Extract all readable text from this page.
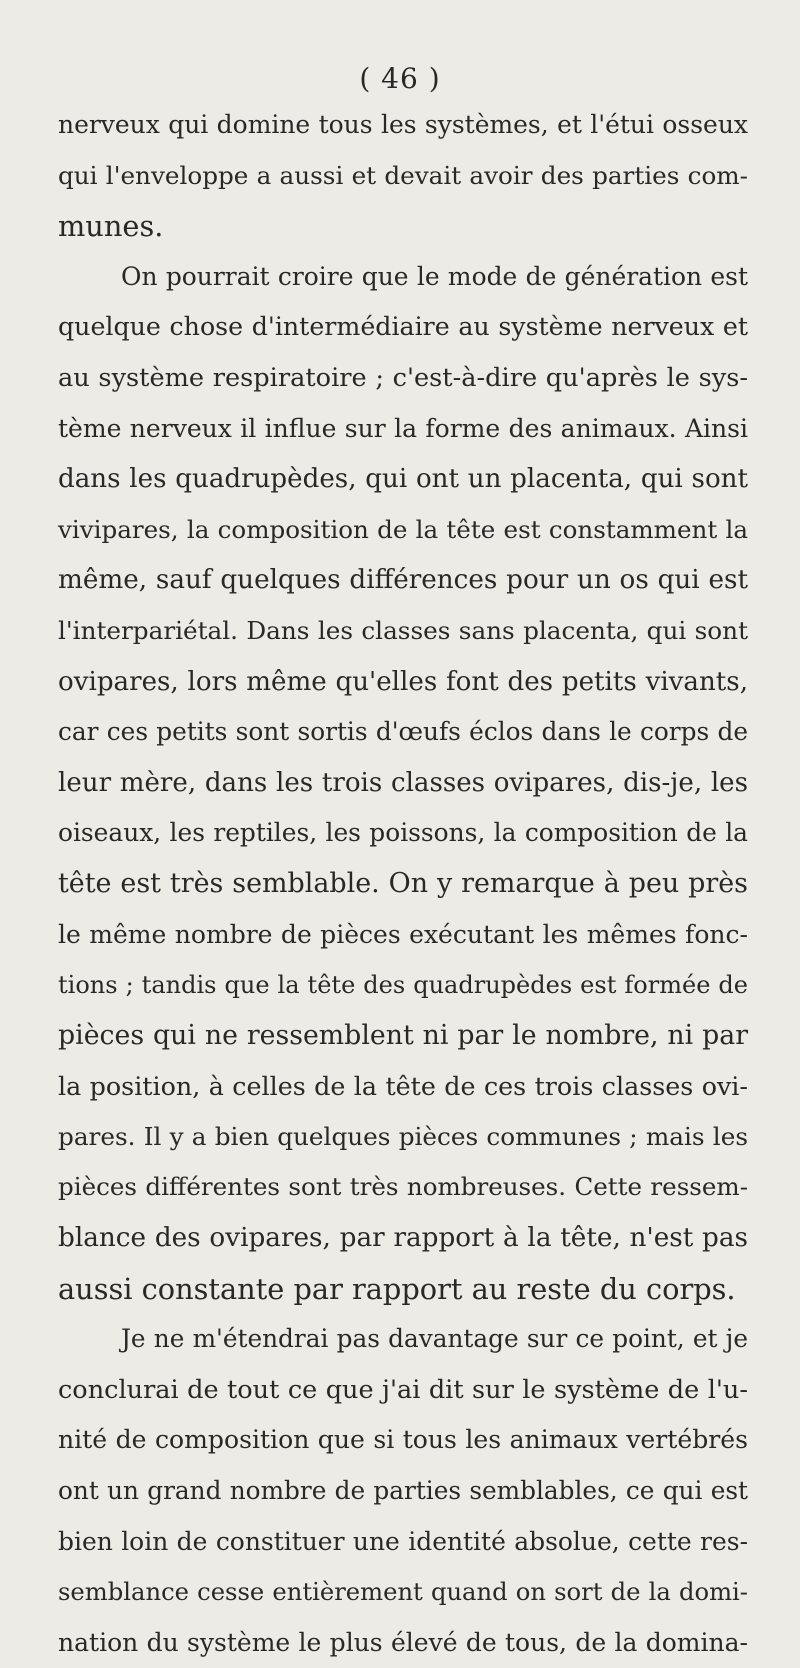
( 46 )
nerveux qui domine tous les systèmes, et l'étui osseux
qui l'enveloppe a aussi et devait avoir des parties com-
munes.
On pourrait croire que le mode de génération est
quelque chose d'intermédiaire au système nerveux et
au système respiratoire ; c'est-à-dire qu'après le sys-
tème nerveux il influe sur la forme des animaux. Ainsi
dans les quadrupèdes, qui ont un placenta, qui sont
vivipares, la composition de la tête est constamment la
même, sauf quelques différences pour un os qui est
l'interpariétal. Dans les classes sans placenta, qui sont
ovipares, lors même qu'elles font des petits vivants,
car ces petits sont sortis d'œufs éclos dans le corps de
leur mère, dans les trois classes ovipares, dis-je, les
oiseaux, les reptiles, les poissons, la composition de la
tête est très semblable. On y remarque à peu près
le même nombre de pièces exécutant les mêmes fonc-
tions ; tandis que la tête des quadrupèdes est formée de
pièces qui ne ressemblent ni par le nombre, ni par
la position, à celles de la tête de ces trois classes ovi-
pares. Il y a bien quelques pièces communes ; mais les
pièces différentes sont très nombreuses. Cette ressem-
blance des ovipares, par rapport à la tête, n'est pas
aussi constante par rapport au reste du corps.
Je ne m'étendrai pas davantage sur ce point, et je
conclurai de tout ce que j'ai dit sur le système de l'u-
nité de composition que si tous les animaux vertébrés
ont un grand nombre de parties semblables, ce qui est
bien loin de constituer une identité absolue, cette res-
semblance cesse entièrement quand on sort de la domi-
nation du système le plus élevé de tous, de la domina-
